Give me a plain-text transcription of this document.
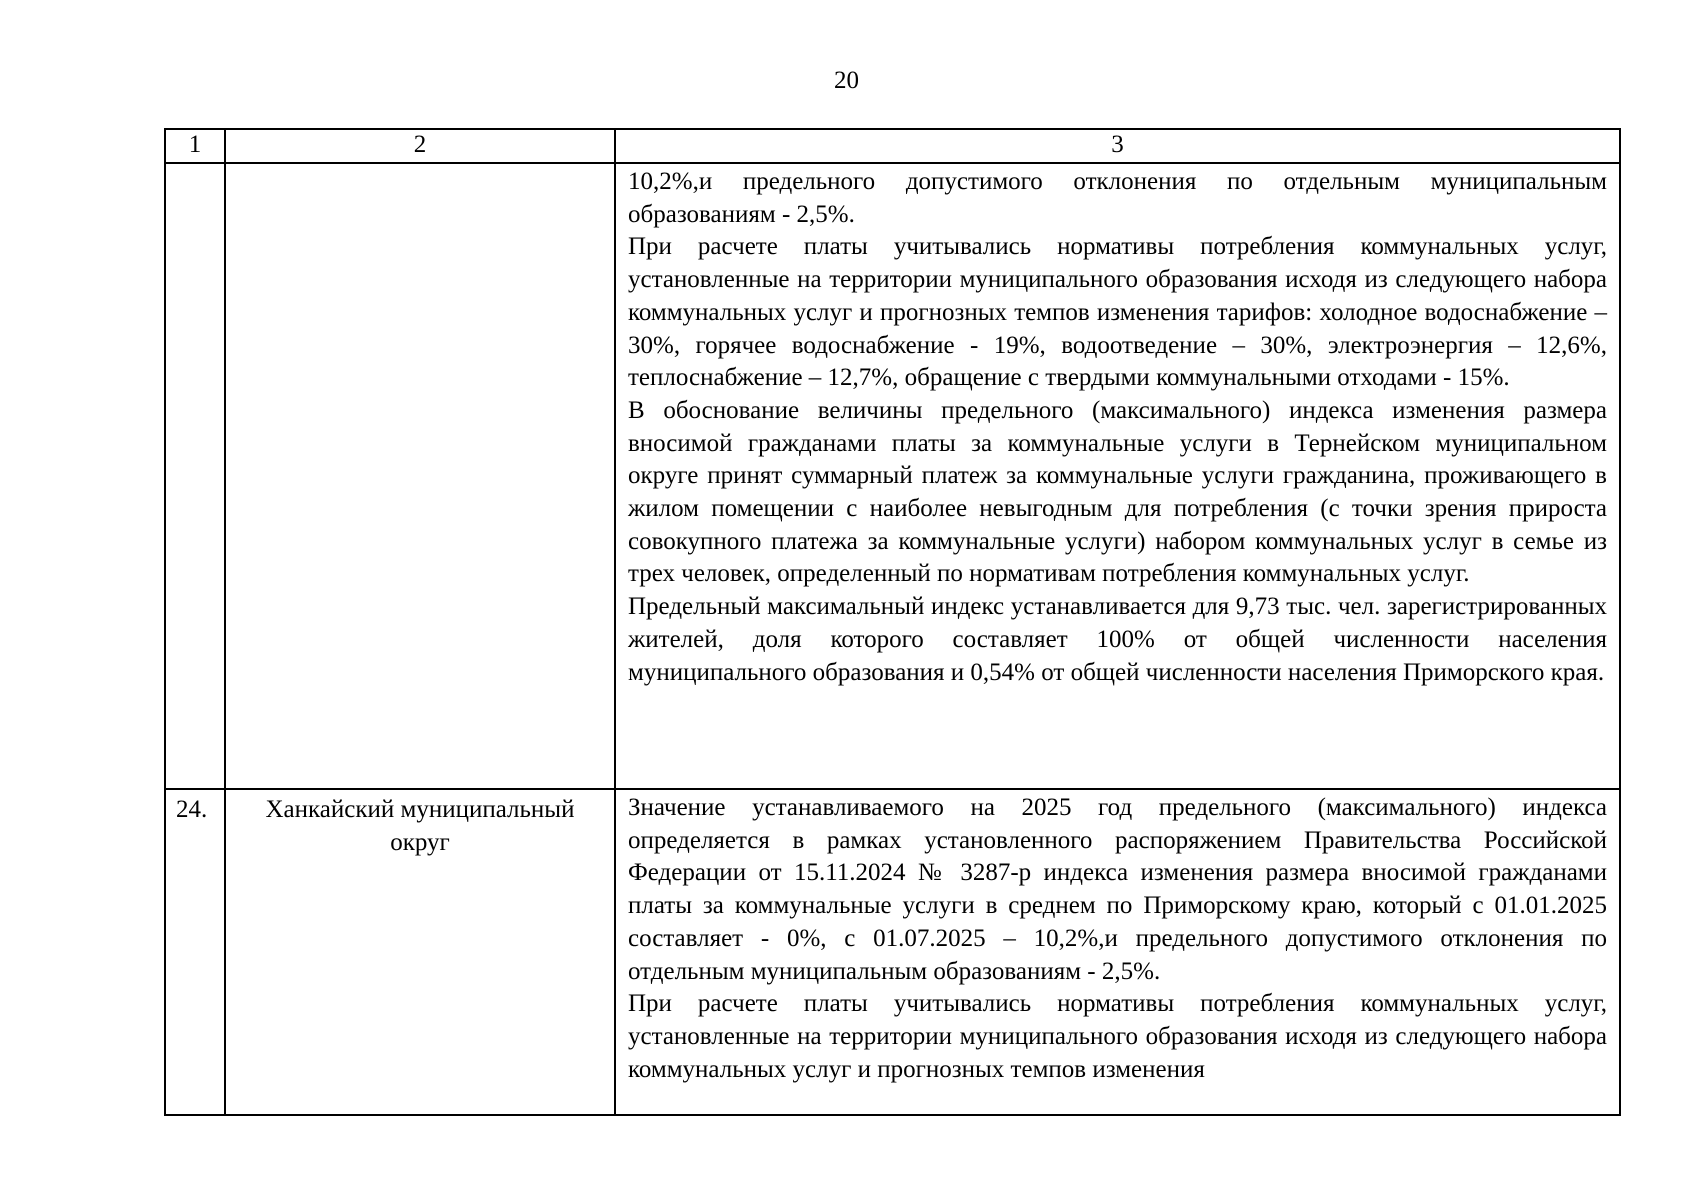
20
1	2	3

		10,2%,и предельного допустимого отклонения по отдельным муниципальным образованиям - 2,5%.

При расчете платы учитывались нормативы потребления коммунальных услуг, установленные на территории муниципального образования исходя из следующего набора коммунальных услуг и прогнозных темпов изменения тарифов: холодное водоснабжение – 30%, горячее водоснабжение - 19%, водоотведение – 30%, электроэнергия – 12,6%, теплоснабжение – 12,7%, обращение с твердыми коммунальными отходами - 15%.

В обоснование величины предельного (максимального) индекса изменения размера вносимой гражданами платы за коммунальные услуги в Тернейском муниципальном округе принят суммарный платеж за коммунальные услуги гражданина, проживающего в жилом помещении с наиболее невыгодным для потребления (с точки зрения прироста совокупного платежа за коммунальные услуги) набором коммунальных услуг в семье из трех человек, определенный по нормативам потребления коммунальных услуг.

Предельный максимальный индекс устанавливается для 9,73 тыс. чел. зарегистрированных жителей, доля которого составляет 100% от общей численности населения муниципального образования и 0,54% от общей численности населения Приморского края.

24.	Ханкайский муниципальный округ	Значение устанавливаемого на 2025 год предельного (максимального) индекса определяется в рамках установленного распоряжением Правительства Российской Федерации от 15.11.2024 № 3287-р индекса изменения размера вносимой гражданами платы за коммунальные услуги в среднем по Приморскому краю, который с 01.01.2025 составляет - 0%, с 01.07.2025 – 10,2%,и предельного допустимого отклонения по отдельным муниципальным образованиям - 2,5%.

При расчете платы учитывались нормативы потребления коммунальных услуг, установленные на территории муниципального образования исходя из следующего набора коммунальных услуг и прогнозных темпов изменения
